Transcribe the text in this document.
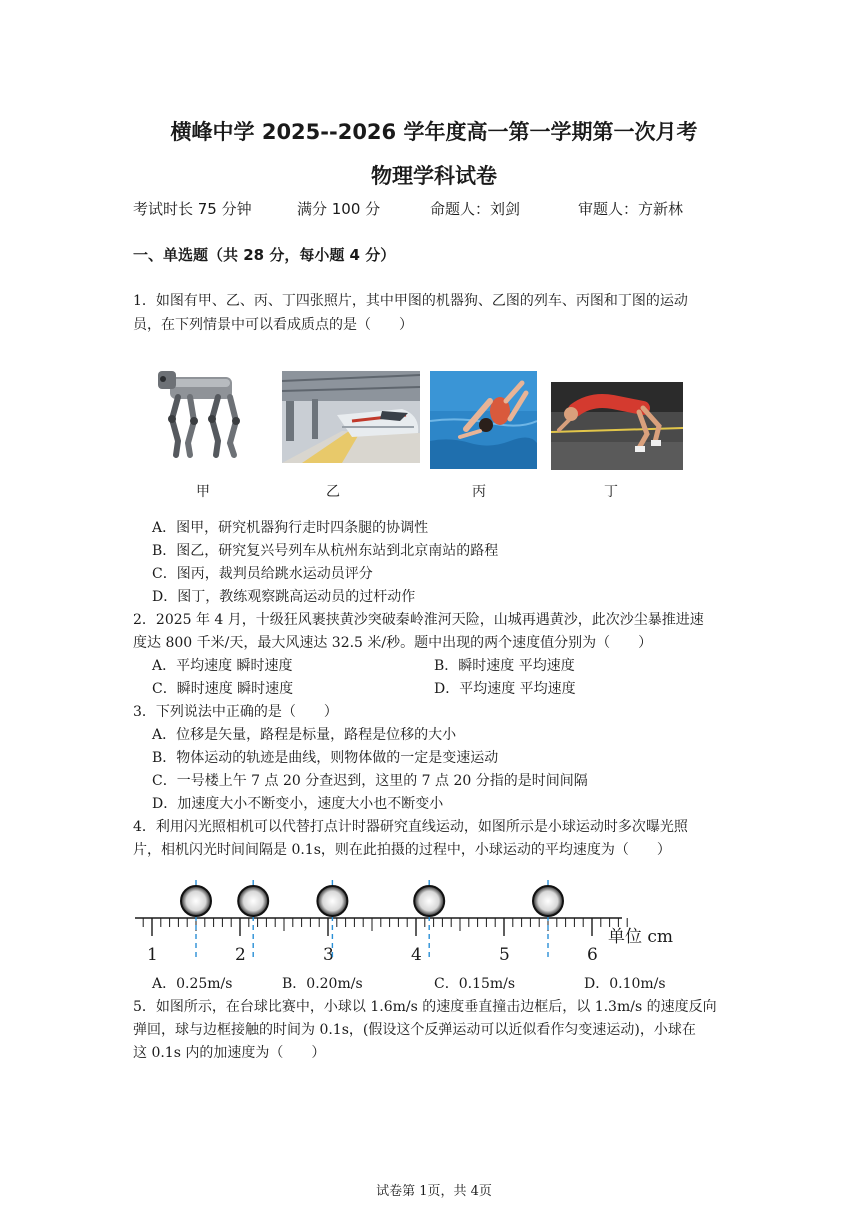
横峰中学 2025--2026 学年度高一第一学期第一次月考
物理学科试卷
考试时长 75 分钟	满分 100 分	命题人：刘剑	审题人：方新林
一、单选题（共 28 分，每小题 4 分）
1．如图有甲、乙、丙、丁四张照片，其中甲图的机器狗、乙图的列车、丙图和丁图的运动
员，在下列情景中可以看成质点的是（　　）
甲	乙	丙	丁
A．图甲，研究机器狗行走时四条腿的协调性
B．图乙，研究复兴号列车从杭州东站到北京南站的路程
C．图丙，裁判员给跳水运动员评分
D．图丁，教练观察跳高运动员的过杆动作
2．2025 年 4 月，十级狂风裹挟黄沙突破秦岭淮河天险，山城再遇黄沙，此次沙尘暴推进速
度达 800 千米/天，最大风速达 32.5 米/秒。题中出现的两个速度值分别为（　　）
A．平均速度 瞬时速度	B．瞬时速度 平均速度
C．瞬时速度 瞬时速度	D．平均速度 平均速度
3．下列说法中正确的是（　　）
A．位移是矢量，路程是标量，路程是位移的大小
B．物体运动的轨迹是曲线，则物体做的一定是变速运动
C．一号楼上午 7 点 20 分查迟到，这里的 7 点 20 分指的是时间间隔
D．加速度大小不断变小，速度大小也不断变小
4．利用闪光照相机可以代替打点计时器研究直线运动，如图所示是小球运动时多次曝光照
片，相机闪光时间间隔是 0.1s，则在此拍摄的过程中，小球运动的平均速度为（　　）
1	2	3	4	5	6
单位 cm
A．0.25m/s	B．0.20m/s	C．0.15m/s	D．0.10m/s
5．如图所示，在台球比赛中，小球以 1.6m/s 的速度垂直撞击边框后，以 1.3m/s 的速度反向
弹回，球与边框接触的时间为 0.1s，(假设这个反弹运动可以近似看作匀变速运动)，小球在
这 0.1s 内的加速度为（　　）
试卷第 1页，共 4页
